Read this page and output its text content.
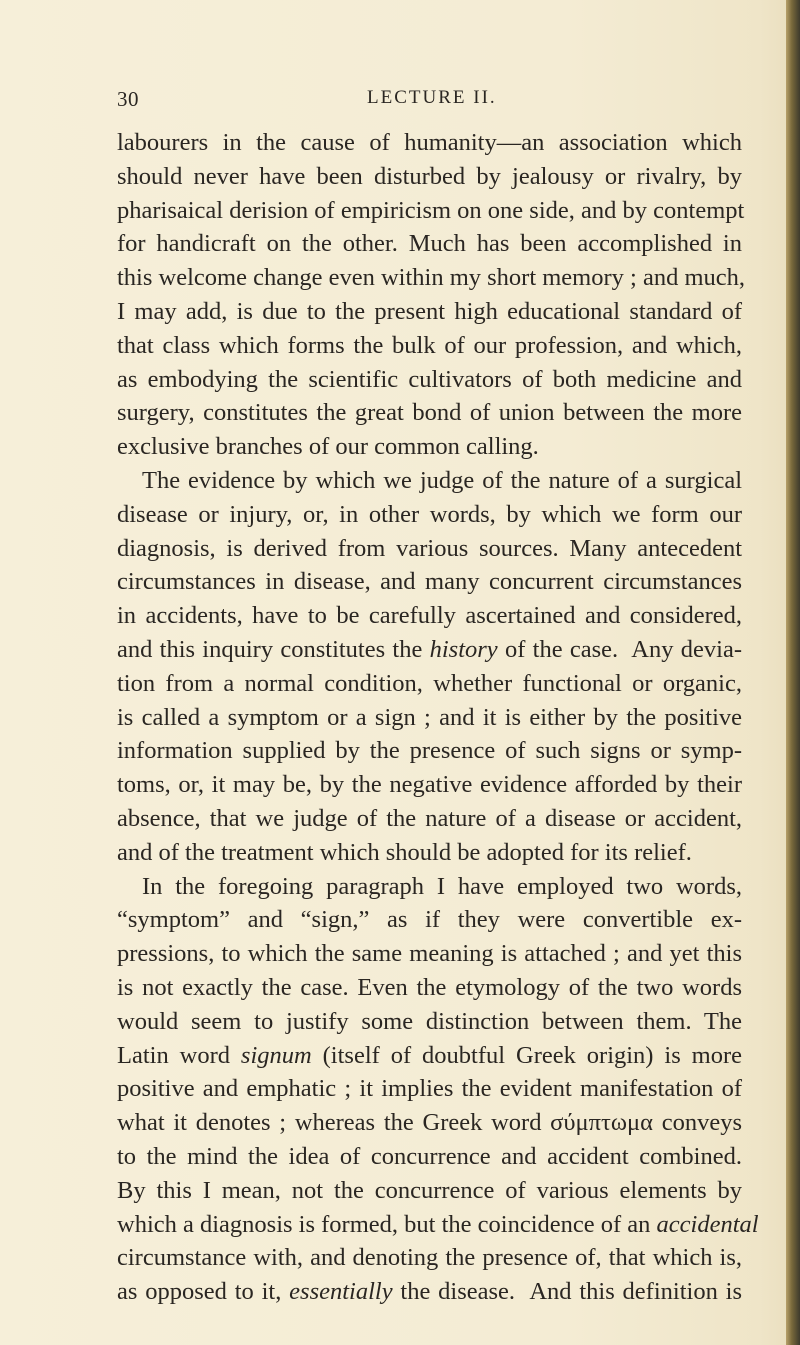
30	LECTURE II.
labourers in the cause of humanity—an association which
should never have been disturbed by jealousy or rivalry, by
pharisaical derision of empiricism on one side, and by contempt
for handicraft on the other. Much has been accomplished in
this welcome change even within my short memory ; and much,
I may add, is due to the present high educational standard of
that class which forms the bulk of our profession, and which,
as embodying the scientific cultivators of both medicine and
surgery, constitutes the great bond of union between the more
exclusive branches of our common calling.
The evidence by which we judge of the nature of a surgical
disease or injury, or, in other words, by which we form our
diagnosis, is derived from various sources. Many antecedent
circumstances in disease, and many concurrent circumstances
in accidents, have to be carefully ascertained and considered,
and this inquiry constitutes the history of the case.  Any devia-
tion from a normal condition, whether functional or organic,
is called a symptom or a sign ; and it is either by the positive
information supplied by the presence of such signs or symp-
toms, or, it may be, by the negative evidence afforded by their
absence, that we judge of the nature of a disease or accident,
and of the treatment which should be adopted for its relief.
In the foregoing paragraph I have employed two words,
“symptom” and “sign,” as if they were convertible ex-
pressions, to which the same meaning is attached ; and yet this
is not exactly the case. Even the etymology of the two words
would seem to justify some distinction between them. The
Latin word signum (itself of doubtful Greek origin) is more
positive and emphatic ; it implies the evident manifestation of
what it denotes ; whereas the Greek word σύμπτωμα conveys
to the mind the idea of concurrence and accident combined.
By this I mean, not the concurrence of various elements by
which a diagnosis is formed, but the coincidence of an accidental
circumstance with, and denoting the presence of, that which is,
as opposed to it, essentially the disease.  And this definition is
